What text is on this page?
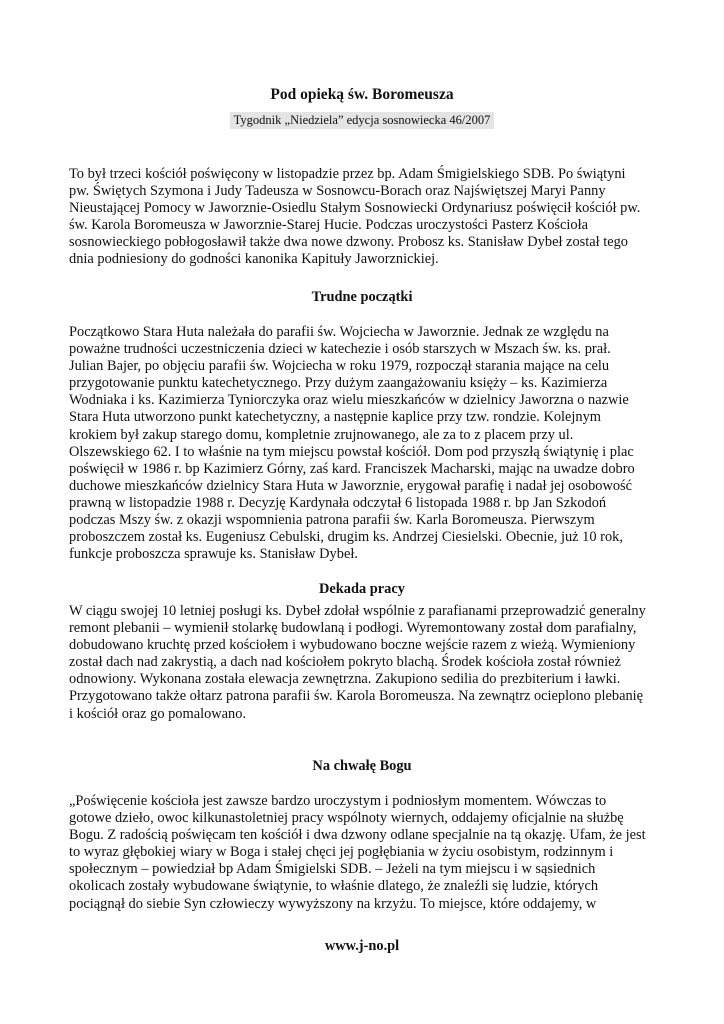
Pod opieką św. Boromeusza
Tygodnik „Niedziela” edycja sosnowiecka 46/2007

To był trzeci kościół poświęcony w listopadzie przez bp. Adam Śmigielskiego SDB. Po świątyni
pw. Świętych Szymona i Judy Tadeusza w Sosnowcu-Borach oraz Najświętszej Maryi Panny
Nieustającej Pomocy w Jaworznie-Osiedlu Stałym Sosnowiecki Ordynariusz poświęcił kościół pw.
św. Karola Boromeusza w Jaworznie-Starej Hucie. Podczas uroczystości Pasterz Kościoła
sosnowieckiego pobłogosławił także dwa nowe dzwony. Probosz ks. Stanisław Dybeł został tego
dnia podniesiony do godności kanonika Kapituły Jaworznickiej.

Trudne początki

Początkowo Stara Huta należała do parafii św. Wojciecha w Jaworznie. Jednak ze względu na
poważne trudności uczestniczenia dzieci w katechezie i osób starszych w Mszach św. ks. prał.
Julian Bajer, po objęciu parafii św. Wojciecha w roku 1979, rozpoczął starania mające na celu
przygotowanie punktu katechetycznego. Przy dużym zaangażowaniu księży – ks. Kazimierza
Wodniaka i ks. Kazimierza Tyniorczyka oraz wielu mieszkańców w dzielnicy Jaworzna o nazwie
Stara Huta utworzono punkt katechetyczny, a następnie kaplice przy tzw. rondzie. Kolejnym
krokiem był zakup starego domu, kompletnie zrujnowanego, ale za to z placem przy ul.
Olszewskiego 62. I to właśnie na tym miejscu powstał kościół. Dom pod przyszłą świątynię i plac
poświęcił w 1986 r. bp Kazimierz Górny, zaś kard. Franciszek Macharski, mając na uwadze dobro
duchowe mieszkańców dzielnicy Stara Huta w Jaworznie, erygował parafię i nadał jej osobowość
prawną w listopadzie 1988 r. Decyzję Kardynała odczytał 6 listopada 1988 r. bp Jan Szkodoń
podczas Mszy św. z okazji wspomnienia patrona parafii św. Karla Boromeusza. Pierwszym
proboszczem został ks. Eugeniusz Cebulski, drugim ks. Andrzej Ciesielski. Obecnie, już 10 rok,
funkcje proboszcza sprawuje ks. Stanisław Dybeł.

Dekada pracy

W ciągu swojej 10 letniej posługi ks. Dybeł zdołał wspólnie z parafianami przeprowadzić generalny
remont plebanii – wymienił stolarkę budowlaną i podłogi. Wyremontowany został dom parafialny,
dobudowano kruchtę przed kościołem i wybudowano boczne wejście razem z wieżą. Wymieniony
został dach nad zakrystią, a dach nad kościołem pokryto blachą. Środek kościoła został również
odnowiony. Wykonana została elewacja zewnętrzna. Zakupiono sedilia do prezbiterium i ławki.
Przygotowano także ołtarz patrona parafii św. Karola Boromeusza. Na zewnątrz ocieplono plebanię
i kościół oraz go pomalowano.

Na chwałę Bogu

„Poświęcenie kościoła jest zawsze bardzo uroczystym i podniosłym momentem. Wówczas to
gotowe dzieło, owoc kilkunastoletniej pracy wspólnoty wiernych, oddajemy oficjalnie na służbę
Bogu. Z radością poświęcam ten kościół i dwa dzwony odlane specjalnie na tą okazję. Ufam, że jest
to wyraz głębokiej wiary w Boga i stałej chęci jej pogłębiania w życiu osobistym, rodzinnym i
społecznym – powiedział bp Adam Śmigielski SDB. – Jeżeli na tym miejscu i w sąsiednich
okolicach zostały wybudowane świątynie, to właśnie dlatego, że znaleźli się ludzie, których
pociągnął do siebie Syn człowieczy wywyższony na krzyżu. To miejsce, które oddajemy, w

www.j-no.pl
